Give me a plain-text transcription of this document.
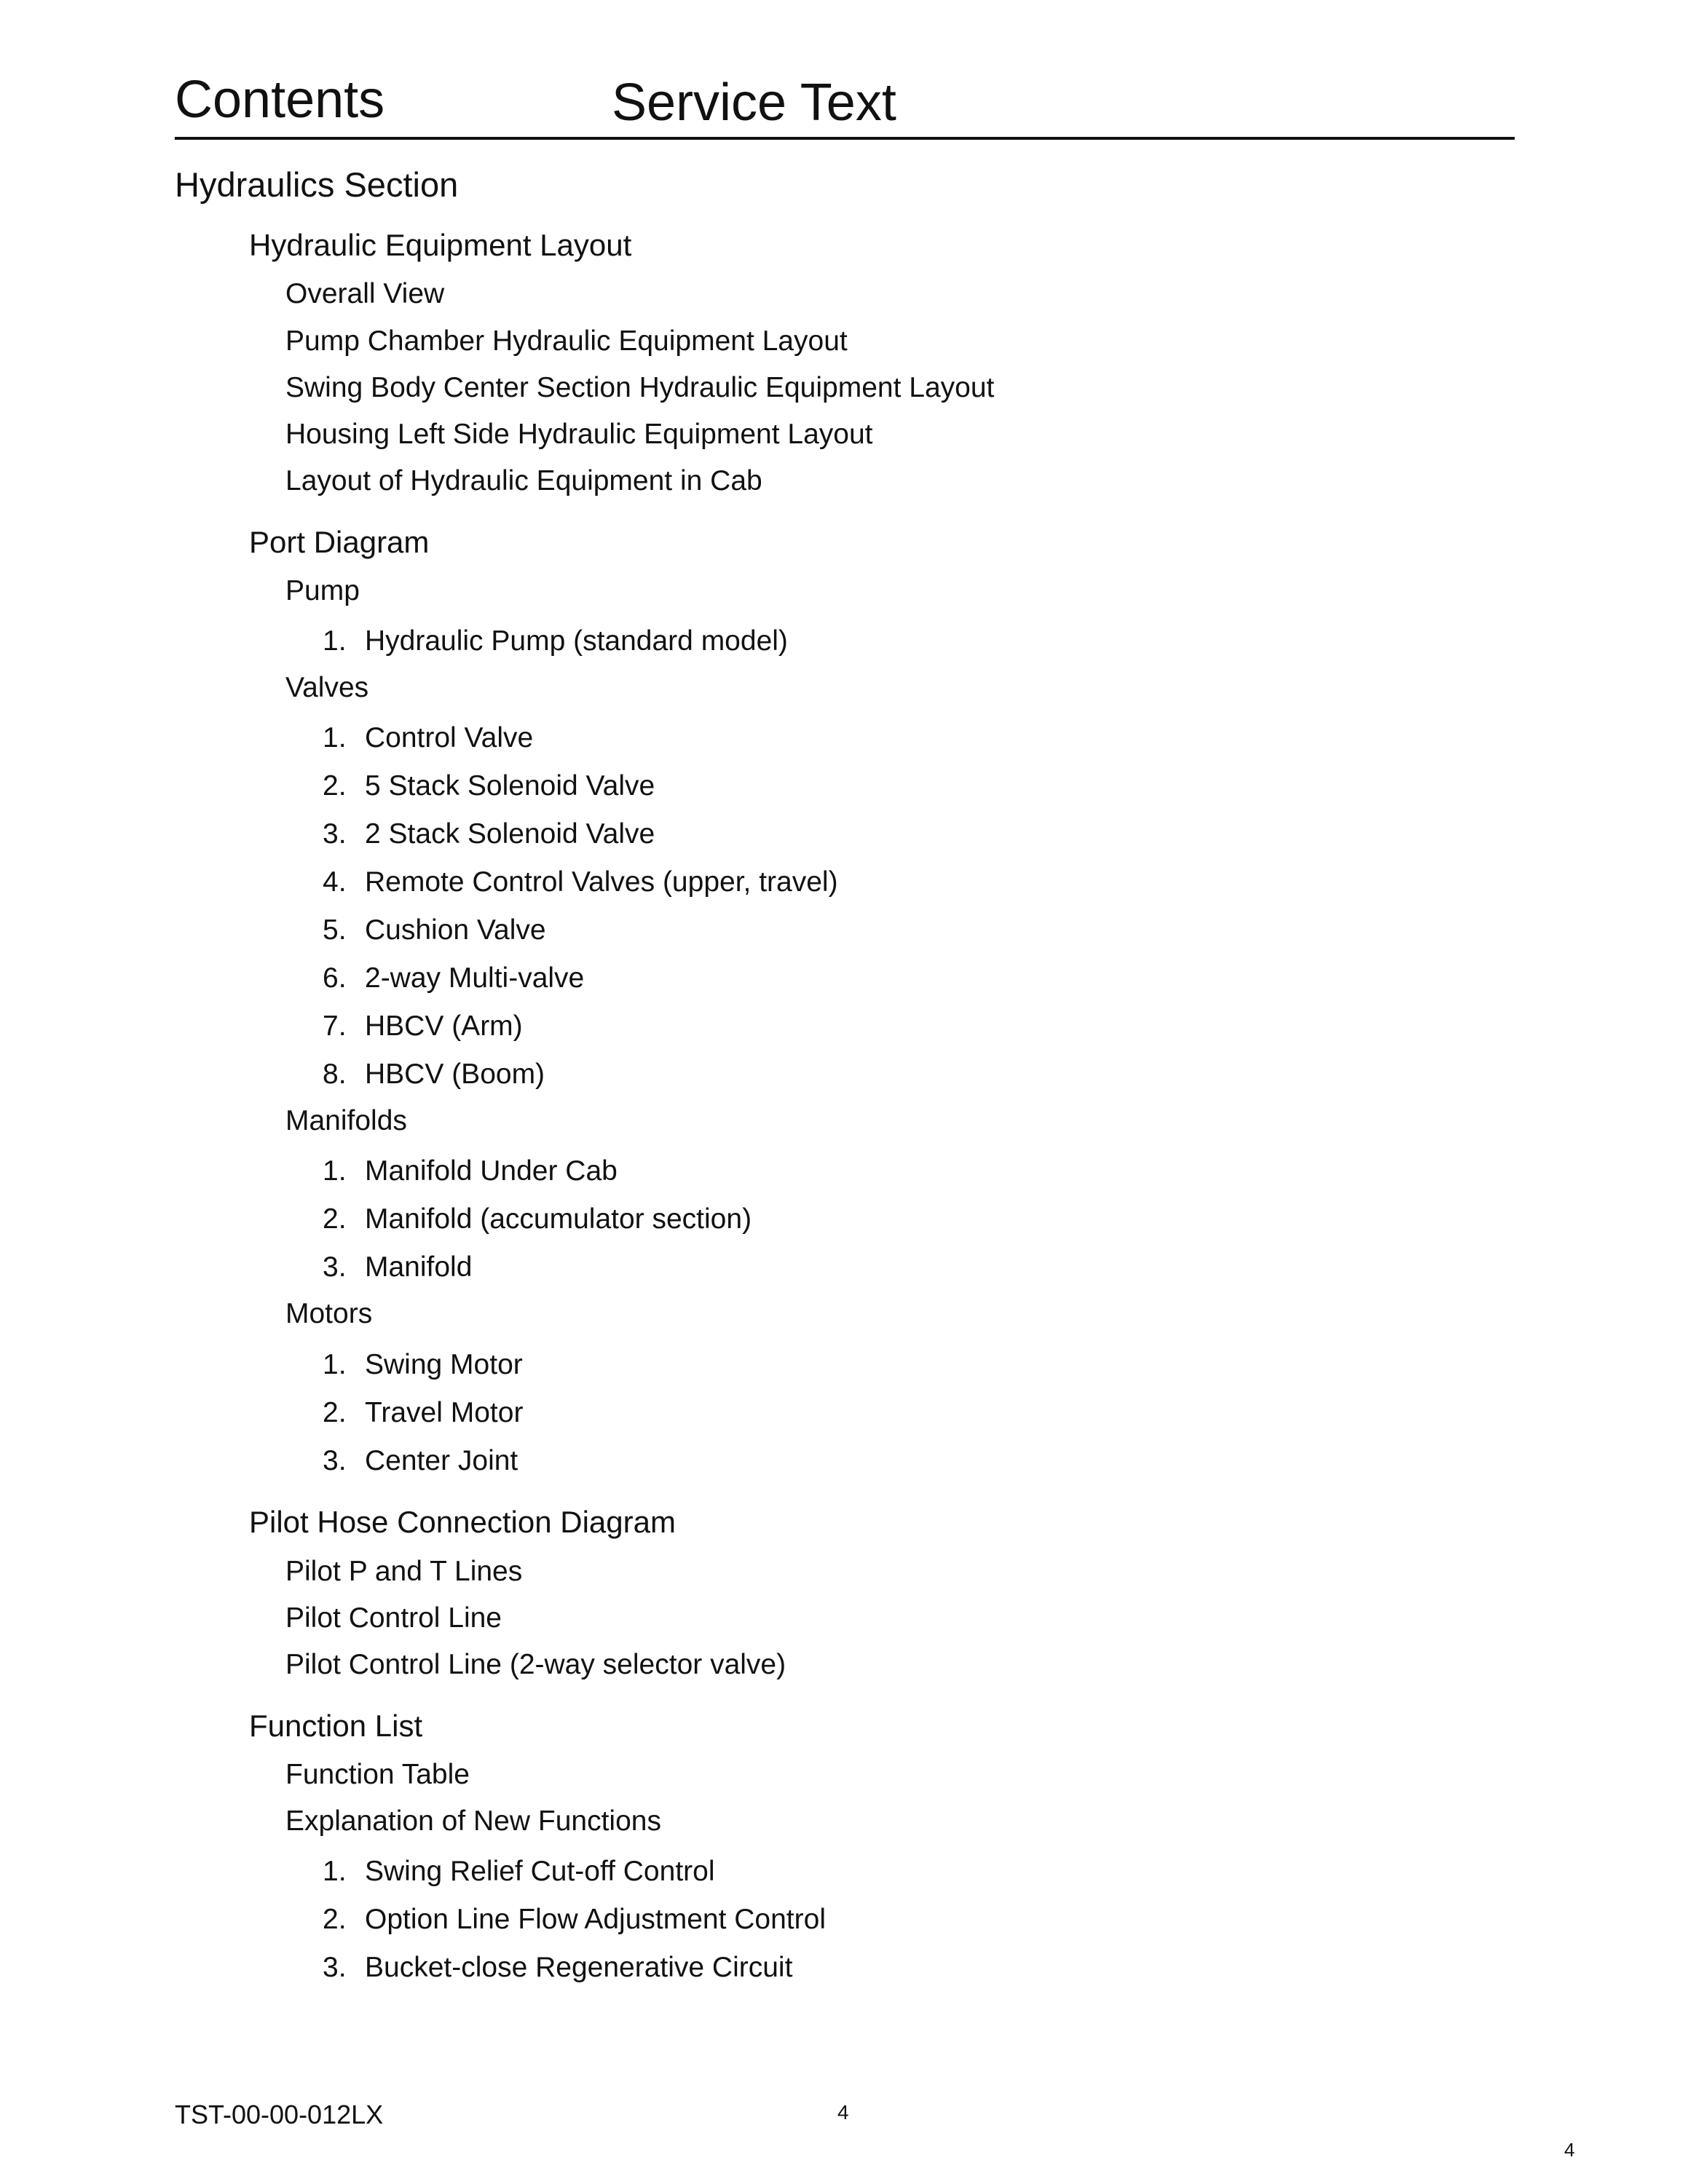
Contents	Service Text
Hydraulics Section
Hydraulic Equipment Layout
Overall View
Pump Chamber Hydraulic Equipment Layout
Swing Body Center Section Hydraulic Equipment Layout
Housing Left Side Hydraulic Equipment Layout
Layout of Hydraulic Equipment in Cab
Port Diagram
Pump
1. Hydraulic Pump (standard model)
Valves
1. Control Valve
2. 5 Stack Solenoid Valve
3. 2 Stack Solenoid Valve
4. Remote Control Valves (upper, travel)
5. Cushion Valve
6. 2-way Multi-valve
7. HBCV (Arm)
8. HBCV (Boom)
Manifolds
1. Manifold Under Cab
2. Manifold (accumulator section)
3. Manifold
Motors
1. Swing Motor
2. Travel Motor
3. Center Joint
Pilot Hose Connection Diagram
Pilot P and T Lines
Pilot Control Line
Pilot Control Line (2-way selector valve)
Function List
Function Table
Explanation of New Functions
1. Swing Relief Cut-off Control
2. Option Line Flow Adjustment Control
3. Bucket-close Regenerative Circuit
TST-00-00-012LX	4
4
